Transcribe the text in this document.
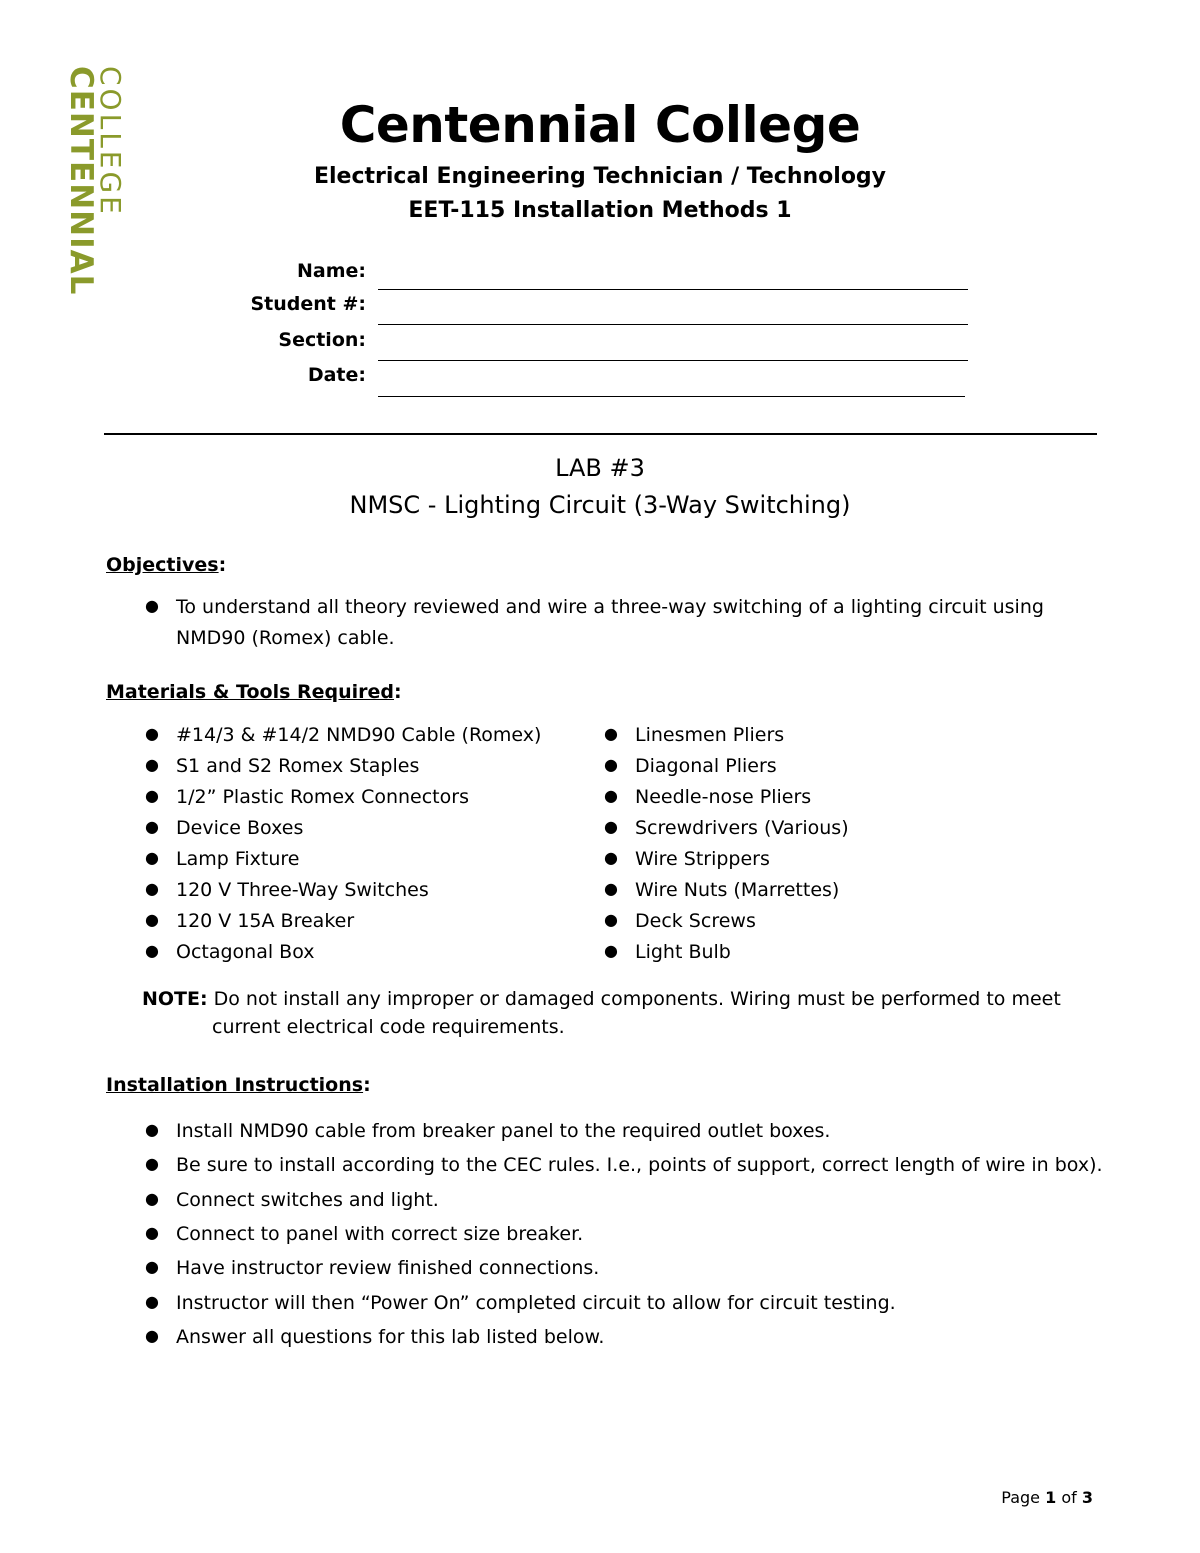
COLLEGE
CENTENNIAL	Centennial College
Electrical Engineering Technician / Technology
EET-115 Installation Methods 1
Name:
Student #:
Section:
Date:
LAB #3
NMSC - Lighting Circuit (3-Way Switching)
Objectives:
● To understand all theory reviewed and wire a three-way switching of a lighting circuit using
NMD90 (Romex) cable.
Materials & Tools Required:
● #14/3 & #14/2 NMD90 Cable (Romex)
● S1 and S2 Romex Staples
● 1/2” Plastic Romex Connectors
● Device Boxes
● Lamp Fixture
● 120 V Three-Way Switches
● 120 V 15A Breaker
● Octagonal Box
● Linesmen Pliers
● Diagonal Pliers
● Needle-nose Pliers
● Screwdrivers (Various)
● Wire Strippers
● Wire Nuts (Marrettes)
● Deck Screws
● Light Bulb
NOTE: Do not install any improper or damaged components. Wiring must be performed to meet
current electrical code requirements.
Installation Instructions:
● Install NMD90 cable from breaker panel to the required outlet boxes.
● Be sure to install according to the CEC rules. I.e., points of support, correct length of wire in box).
● Connect switches and light.
● Connect to panel with correct size breaker.
● Have instructor review finished connections.
● Instructor will then “Power On” completed circuit to allow for circuit testing.
● Answer all questions for this lab listed below.
Page 1 of 3
